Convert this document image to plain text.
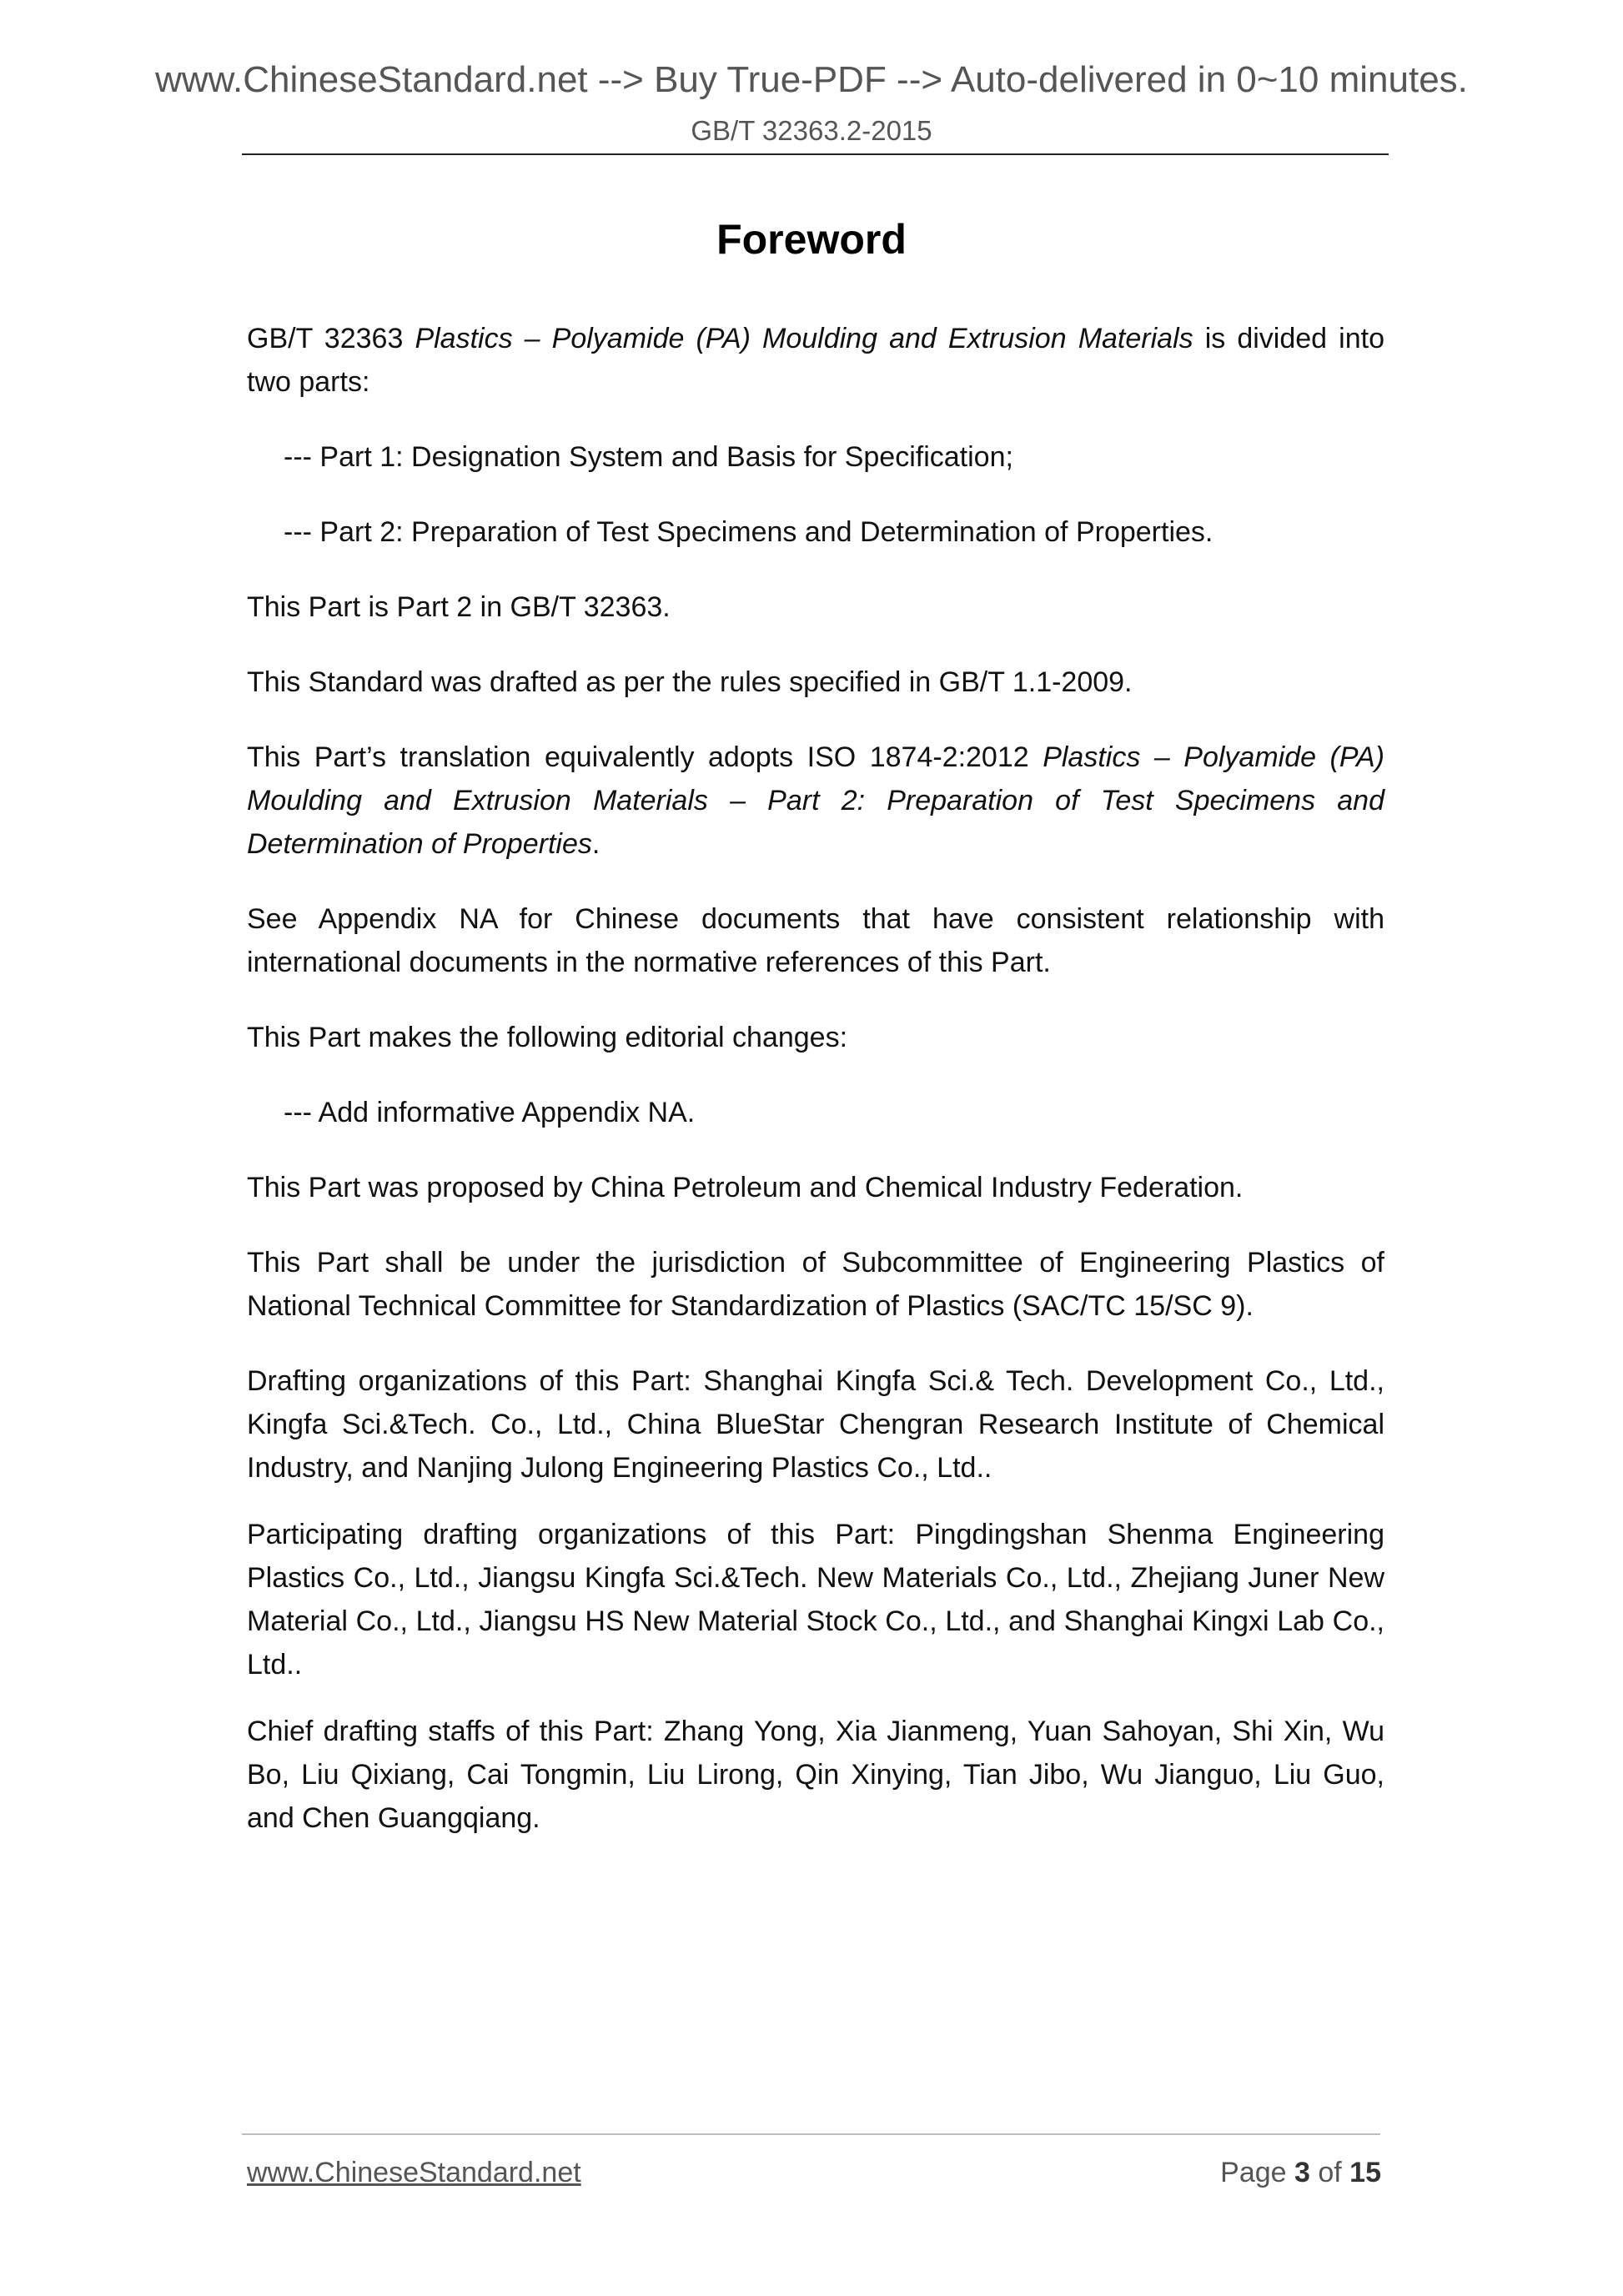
www.ChineseStandard.net --> Buy True-PDF --> Auto-delivered in 0~10 minutes.
GB/T 32363.2-2015
Foreword

GB/T 32363 Plastics – Polyamide (PA) Moulding and Extrusion Materials is divided into two parts:

--- Part 1: Designation System and Basis for Specification;

--- Part 2: Preparation of Test Specimens and Determination of Properties.

This Part is Part 2 in GB/T 32363.

This Standard was drafted as per the rules specified in GB/T 1.1-2009.

This Part’s translation equivalently adopts ISO 1874-2:2012 Plastics – Polyamide (PA) Moulding and Extrusion Materials – Part 2: Preparation of Test Specimens and Determination of Properties.

See Appendix NA for Chinese documents that have consistent relationship with international documents in the normative references of this Part.

This Part makes the following editorial changes:

--- Add informative Appendix NA.

This Part was proposed by China Petroleum and Chemical Industry Federation.

This Part shall be under the jurisdiction of Subcommittee of Engineering Plastics of National Technical Committee for Standardization of Plastics (SAC/TC 15/SC 9).

Drafting organizations of this Part: Shanghai Kingfa Sci.& Tech. Development Co., Ltd., Kingfa Sci.&Tech. Co., Ltd., China BlueStar Chengran Research Institute of Chemical Industry, and Nanjing Julong Engineering Plastics Co., Ltd..

Participating drafting organizations of this Part: Pingdingshan Shenma Engineering Plastics Co., Ltd., Jiangsu Kingfa Sci.&Tech. New Materials Co., Ltd., Zhejiang Juner New Material Co., Ltd., Jiangsu HS New Material Stock Co., Ltd., and Shanghai Kingxi Lab Co., Ltd..

Chief drafting staffs of this Part: Zhang Yong, Xia Jianmeng, Yuan Sahoyan, Shi Xin, Wu Bo, Liu Qixiang, Cai Tongmin, Liu Lirong, Qin Xinying, Tian Jibo, Wu Jianguo, Liu Guo, and Chen Guangqiang.

www.ChineseStandard.net	Page 3 of 15
